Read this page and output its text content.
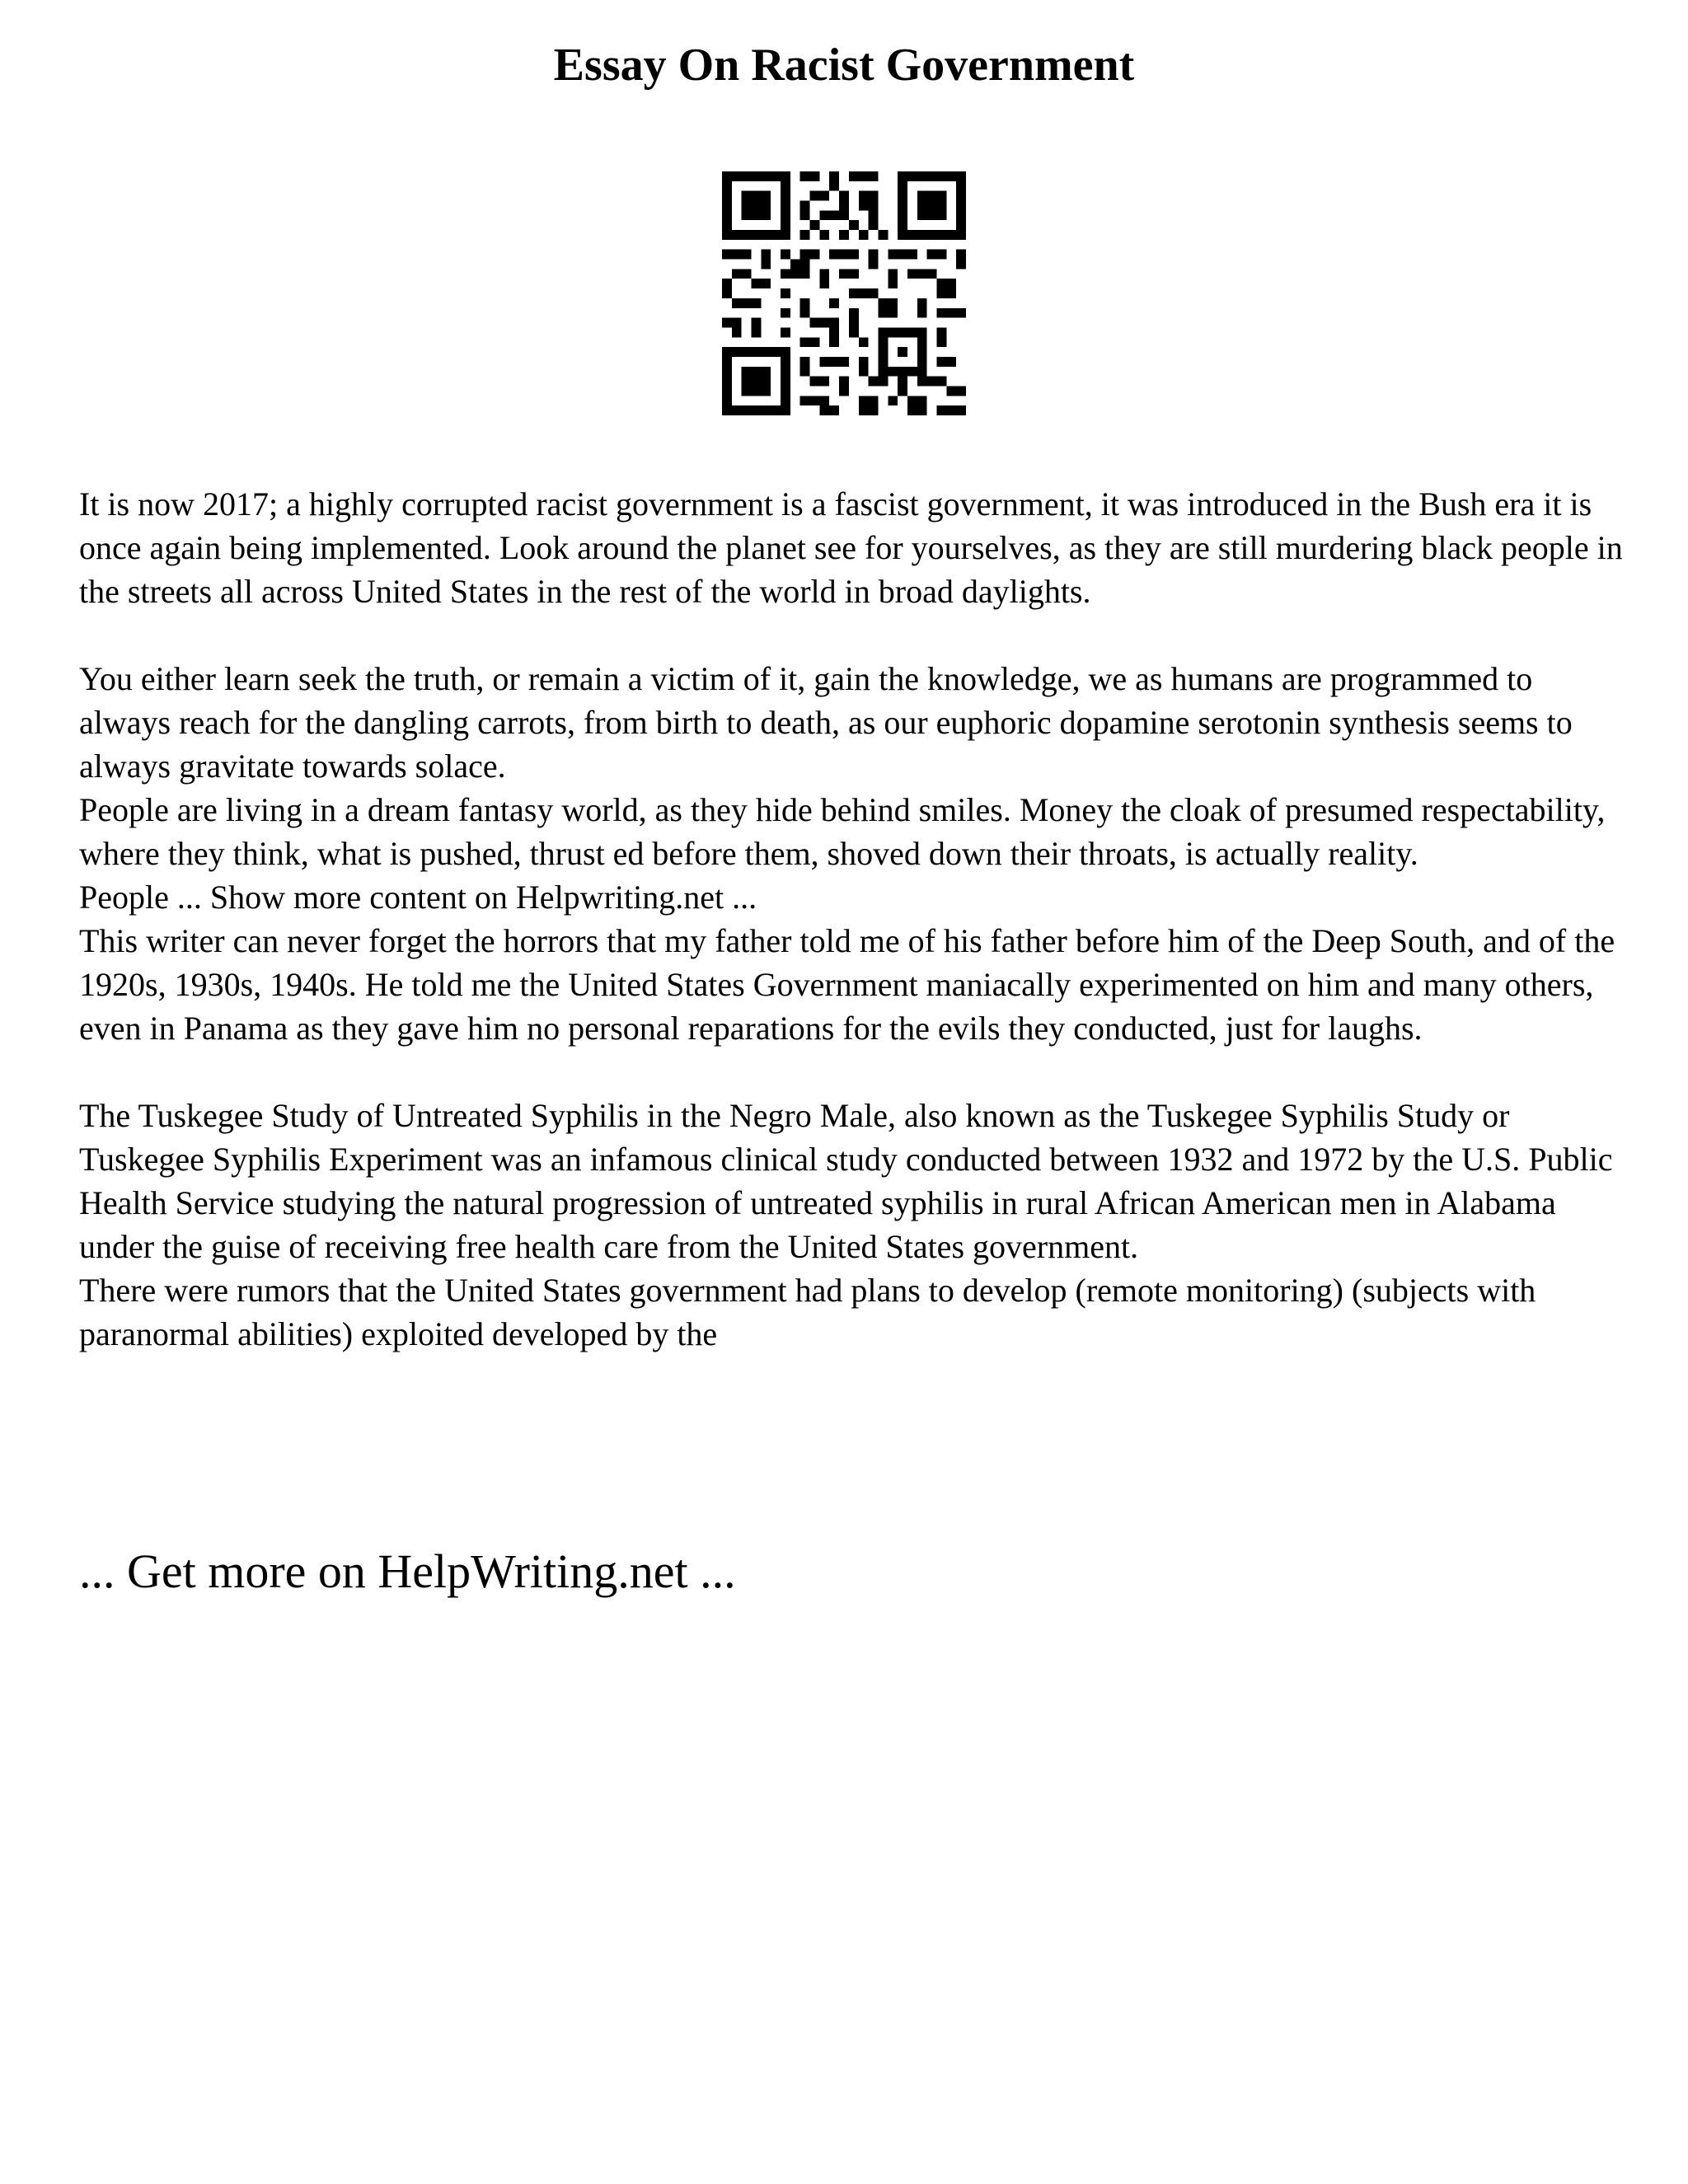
Essay On Racist Government

It is now 2017; a highly corrupted racist government is a fascist government, it was introduced in the Bush era it is once again being implemented. Look around the planet see for yourselves, as they are still murdering black people in the streets all across United States in the rest of the world in broad daylights.

You either learn seek the truth, or remain a victim of it, gain the knowledge, we as humans are programmed to always reach for the dangling carrots, from birth to death, as our euphoric dopamine serotonin synthesis seems to always gravitate towards solace.

People are living in a dream fantasy world, as they hide behind smiles. Money the cloak of presumed respectability, where they think, what is pushed, thrust ed before them, shoved down their throats, is actually reality.

People ... Show more content on Helpwriting.net ...

This writer can never forget the horrors that my father told me of his father before him of the Deep South, and of the 1920s, 1930s, 1940s. He told me the United States Government maniacally experimented on him and many others, even in Panama as they gave him no personal reparations for the evils they conducted, just for laughs.

The Tuskegee Study of Untreated Syphilis in the Negro Male, also known as the Tuskegee Syphilis Study or Tuskegee Syphilis Experiment was an infamous clinical study conducted between 1932 and 1972 by the U.S. Public Health Service studying the natural progression of untreated syphilis in rural African American men in Alabama under the guise of receiving free health care from the United States government.

There were rumors that the United States government had plans to develop (remote monitoring) (subjects with paranormal abilities) exploited developed by the

... Get more on HelpWriting.net ...
